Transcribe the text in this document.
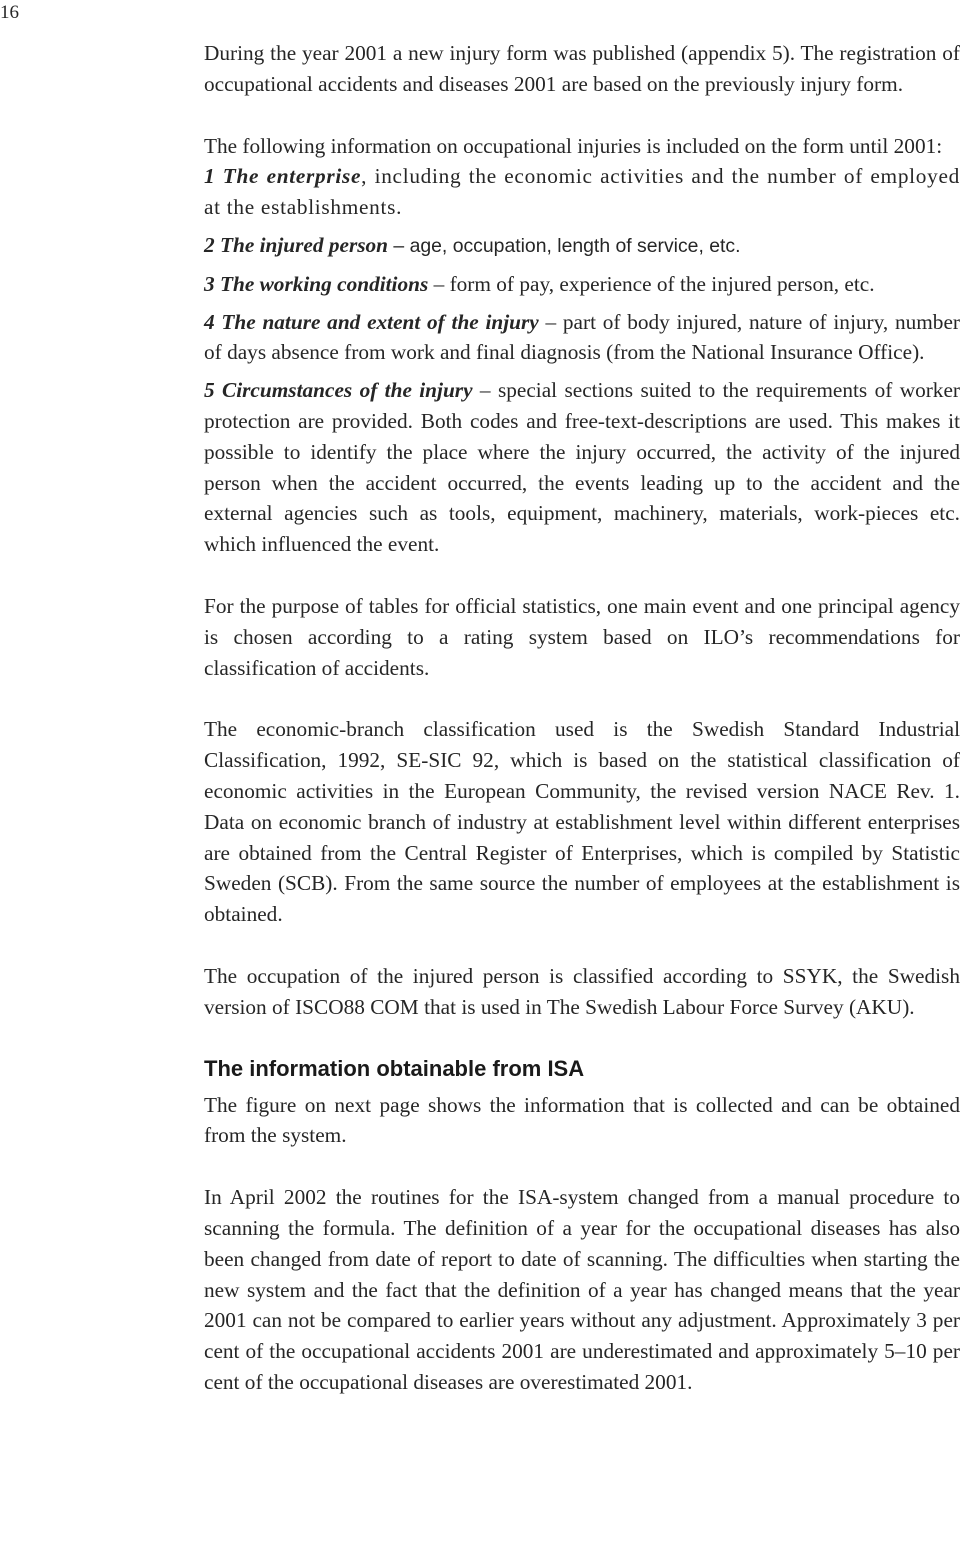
16

During the year 2001 a new injury form was published (appendix 5). The registration of occupational accidents and diseases 2001 are based on the previously injury form.

The following information on occupational injuries is included on the form until 2001:

1 The enterprise, including the economic activities and the number of employed at the establishments.

2 The injured person – age, occupation, length of service, etc.

3 The working conditions – form of pay, experience of the injured person, etc.

4 The nature and extent of the injury – part of body injured, nature of injury, number of days absence from work and final diagnosis (from the National Insurance Office).

5 Circumstances of the injury – special sections suited to the requirements of worker protection are provided. Both codes and free-text-descriptions are used. This makes it possible to identify the place where the injury occurred, the activity of the injured person when the accident occurred, the events leading up to the accident and the external agencies such as tools, equipment, machinery, materials, work-pieces etc. which influenced the event.

For the purpose of tables for official statistics, one main event and one principal agency is chosen according to a rating system based on ILO’s recommendations for classification of accidents.

The economic-branch classification used is the Swedish Standard Industrial Classification, 1992, SE-SIC 92, which is based on the statistical classification of economic activities in the European Community, the revised version NACE Rev. 1. Data on economic branch of industry at establishment level within different enterprises are obtained from the Central Register of Enterprises, which is compiled by Statistic Sweden (SCB). From the same source the number of employees at the establishment is obtained.

The occupation of the injured person is classified according to SSYK, the Swedish version of ISCO88 COM that is used in The Swedish Labour Force Survey (AKU).

The information obtainable from ISA

The figure on next page shows the information that is collected and can be obtained from the system.

In April 2002 the routines for the ISA-system changed from a manual procedure to scanning the formula. The definition of a year for the occupational diseases has also been changed from date of report to date of scanning. The difficulties when starting the new system and the fact that the definition of a year has changed means that the year 2001 can not be compared to earlier years without any adjustment. Approximately 3 per cent of the occupational accidents 2001 are underestimated and approximately 5–10 per cent of the occupational diseases are overestimated 2001.
